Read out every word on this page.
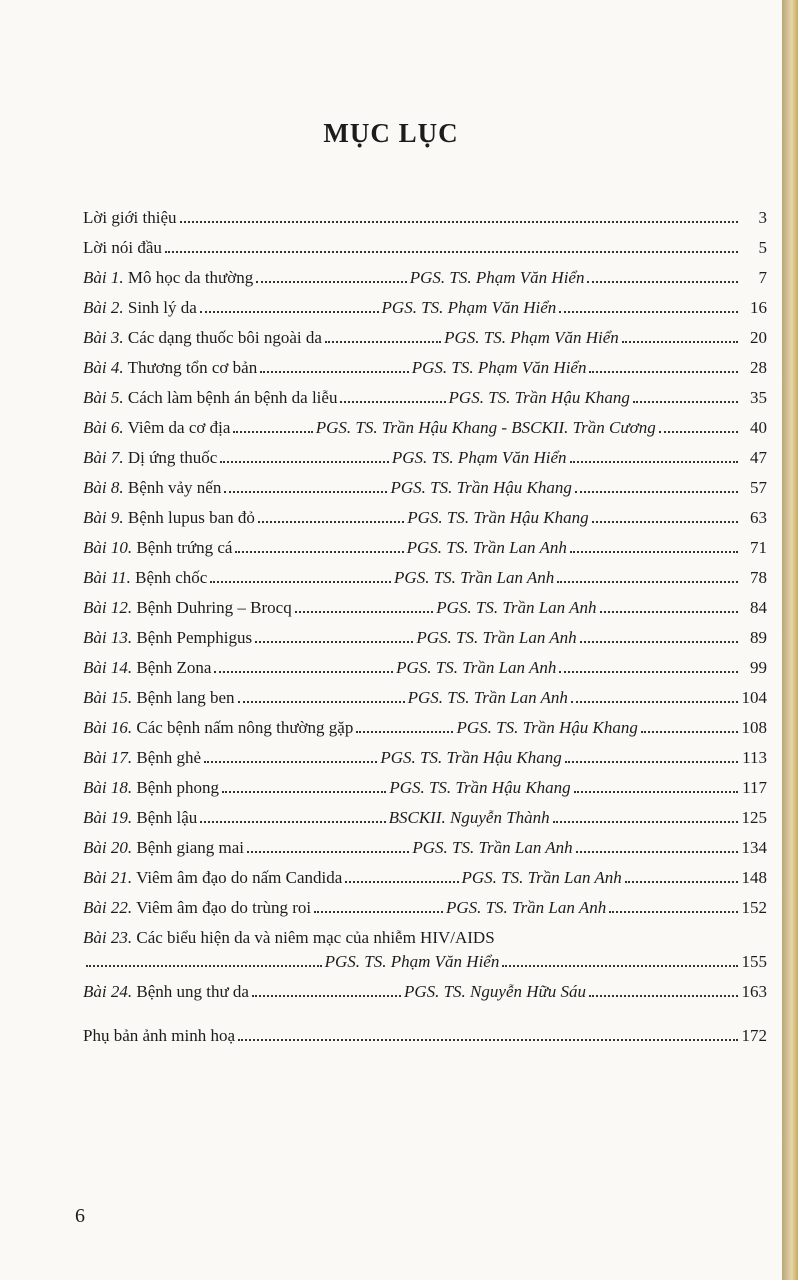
MỤC LỤC
Lời giới thiệu	3
Lời nói đầu	5
Bài 1. Mô học da thường	PGS. TS. Phạm Văn Hiển	7
Bài 2. Sinh lý da	PGS. TS. Phạm Văn Hiển	16
Bài 3. Các dạng thuốc bôi ngoài da	PGS. TS. Phạm Văn Hiển	20
Bài 4. Thương tổn cơ bản	PGS. TS. Phạm Văn Hiển	28
Bài 5. Cách làm bệnh án bệnh da liễu	PGS. TS. Trần Hậu Khang	35
Bài 6. Viêm da cơ địa	PGS. TS. Trần Hậu Khang - BSCKII. Trần Cương	40
Bài 7. Dị ứng thuốc	PGS. TS. Phạm Văn Hiển	47
Bài 8. Bệnh vảy nến	PGS. TS. Trần Hậu Khang	57
Bài 9. Bệnh lupus ban đỏ	PGS. TS. Trần Hậu Khang	63
Bài 10. Bệnh trứng cá	PGS. TS. Trần Lan Anh	71
Bài 11. Bệnh chốc	PGS. TS. Trần Lan Anh	78
Bài 12. Bệnh Duhring – Brocq	PGS. TS. Trần Lan Anh	84
Bài 13. Bệnh Pemphigus	PGS. TS. Trần Lan Anh	89
Bài 14. Bệnh Zona	PGS. TS. Trần Lan Anh	99
Bài 15. Bệnh lang ben	PGS. TS. Trần Lan Anh	104
Bài 16. Các bệnh nấm nông thường gặp	PGS. TS. Trần Hậu Khang	108
Bài 17. Bệnh ghẻ	PGS. TS. Trần Hậu Khang	113
Bài 18. Bệnh phong	PGS. TS. Trần Hậu Khang	117
Bài 19. Bệnh lậu	BSCKII. Nguyễn Thành	125
Bài 20. Bệnh giang mai	PGS. TS. Trần Lan Anh	134
Bài 21. Viêm âm đạo do nấm Candida	PGS. TS. Trần Lan Anh	148
Bài 22. Viêm âm đạo do trùng roi	PGS. TS. Trần Lan Anh	152
Bài 23. Các biểu hiện da và niêm mạc của nhiễm HIV/AIDS
PGS. TS. Phạm Văn Hiển	155
Bài 24. Bệnh ung thư da	PGS. TS. Nguyễn Hữu Sáu	163
Phụ bản ảnh minh hoạ	172
6
